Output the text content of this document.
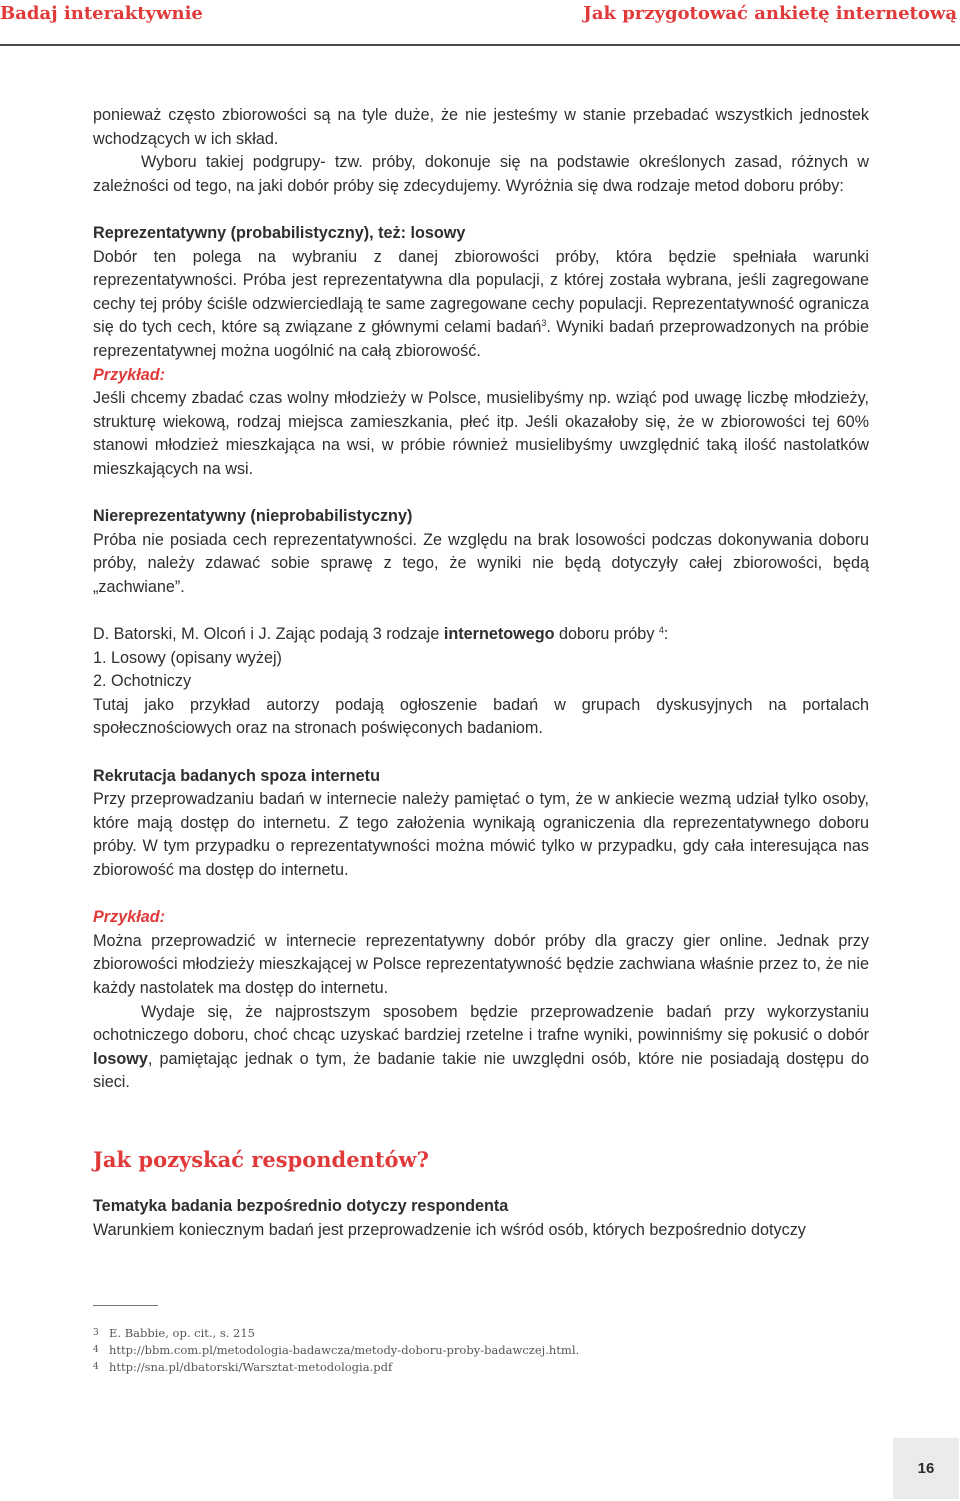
Badaj interaktywnie	Jak przygotować ankietę internetową

ponieważ często zbiorowości są na tyle duże, że nie jesteśmy w stanie przebadać wszystkich jednostek wchodzących w ich skład.

Wyboru takiej podgrupy- tzw. próby, dokonuje się na podstawie określonych zasad, różnych w zależności od tego, na jaki dobór próby się zdecydujemy. Wyróżnia się dwa rodzaje metod doboru próby:

Reprezentatywny (probabilistyczny), też: losowy

Dobór ten polega na wybraniu z danej zbiorowości próby, która będzie spełniała warunki reprezentatywności. Próba jest reprezentatywna dla populacji, z której została wybrana, jeśli zagregowane cechy tej próby ściśle odzwierciedlają te same zagregowane cechy populacji. Reprezentatywność ogranicza się do tych cech, które są związane z głównymi celami badań$^3$. Wyniki badań przeprowadzonych na próbie reprezentatywnej można uogólnić na całą zbiorowość.

Przykład:

Jeśli chcemy zbadać czas wolny młodzieży w Polsce, musielibyśmy np. wziąć pod uwagę liczbę młodzieży, strukturę wiekową, rodzaj miejsca zamieszkania, płeć itp. Jeśli okazałoby się, że w zbiorowości tej 60% stanowi młodzież mieszkająca na wsi, w próbie również musielibyśmy uwzględnić taką ilość nastolatków mieszkających na wsi.

Niereprezentatywny (nieprobabilistyczny)

Próba nie posiada cech reprezentatywności. Ze względu na brak losowości podczas dokonywania doboru próby, należy zdawać sobie sprawę z tego, że wyniki nie będą dotyczyły całej zbiorowości, będą „zachwiane”.

D. Batorski, M. Olcoń i J. Zając podają 3 rodzaje internetowego doboru próby $^4$:

1. Losowy (opisany wyżej)

2. Ochotniczy

Tutaj jako przykład autorzy podają ogłoszenie badań w grupach dyskusyjnych na portalach społecznościowych oraz na stronach poświęconych badaniom.

Rekrutacja badanych spoza internetu

Przy przeprowadzaniu badań w internecie należy pamiętać o tym, że w ankiecie wezmą udział tylko osoby, które mają dostęp do internetu. Z tego założenia wynikają ograniczenia dla reprezentatywnego doboru próby. W tym przypadku o reprezentatywności można mówić tylko w przypadku, gdy cała interesująca nas zbiorowość ma dostęp do internetu.

Przykład:

Można przeprowadzić w internecie reprezentatywny dobór próby dla graczy gier online. Jednak przy zbiorowości młodzieży mieszkającej w Polsce reprezentatywność będzie zachwiana właśnie przez to, że nie każdy nastolatek ma dostęp do internetu.

Wydaje się, że najprostszym sposobem będzie przeprowadzenie badań przy wykorzystaniu ochotniczego doboru, choć chcąc uzyskać bardziej rzetelne i trafne wyniki, powinniśmy się pokusić o dobór losowy, pamiętając jednak o tym, że badanie takie nie uwzględni osób, które nie posiadają dostępu do sieci.

Jak pozyskać respondentów?

Tematyka badania bezpośrednio dotyczy respondenta

Warunkiem koniecznym badań jest przeprowadzenie ich wśród osób, których bezpośrednio dotyczy

3 E. Babbie, op. cit., s. 215
4 http://bbm.com.pl/metodologia-badawcza/metody-doboru-proby-badawczej.html.
4 http://sna.pl/dbatorski/Warsztat-metodologia.pdf
16
